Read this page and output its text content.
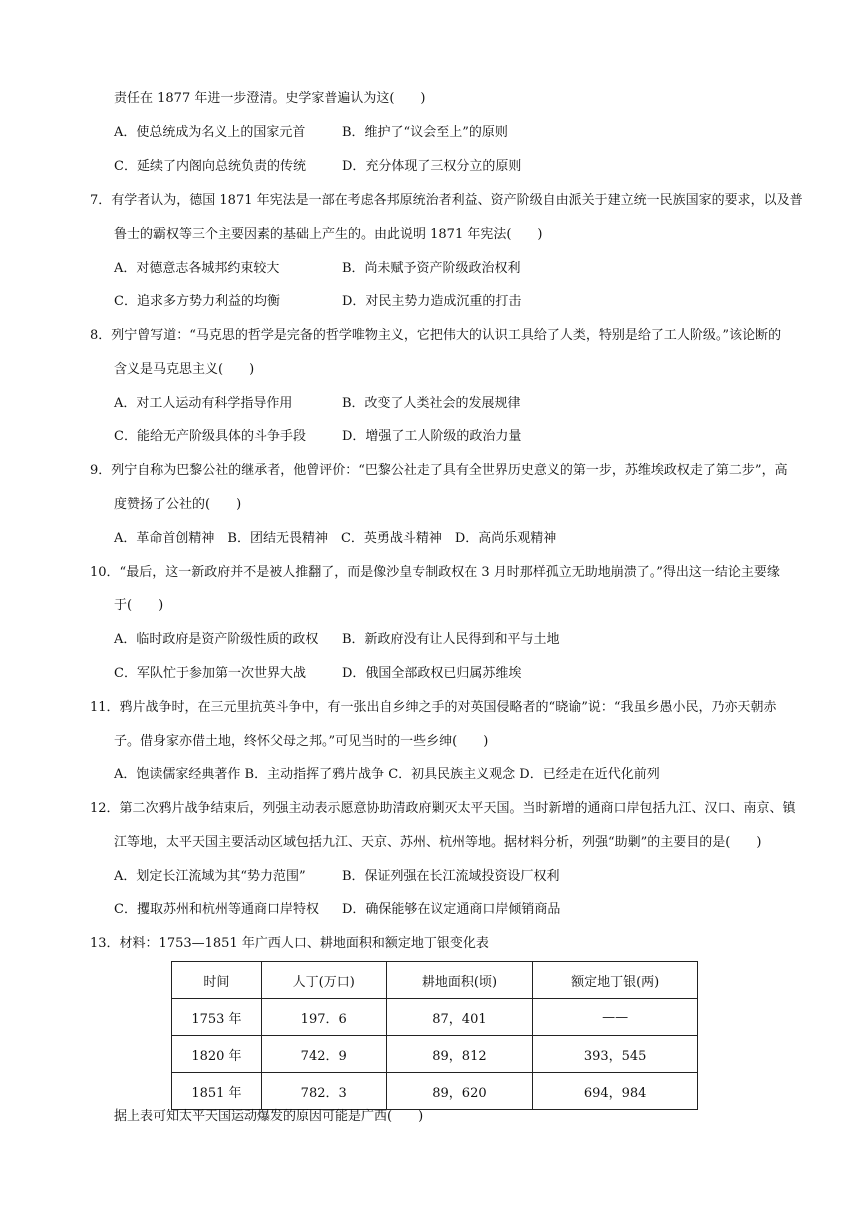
责任在 1877 年进一步澄清。史学家普遍认为这(　　)
A．使总统成为名义上的国家元首	B．维护了“议会至上”的原则
C．延续了内阁向总统负责的传统	D．充分体现了三权分立的原则
7．有学者认为，德国 1871 年宪法是一部在考虑各邦原统治者利益、资产阶级自由派关于建立统一民族国家的要求，以及普
鲁士的霸权等三个主要因素的基础上产生的。由此说明 1871 年宪法(　　)
A．对德意志各城邦约束较大	B．尚未赋予资产阶级政治权利
C．追求多方势力利益的均衡	D．对民主势力造成沉重的打击
8．列宁曾写道：“马克思的哲学是完备的哲学唯物主义，它把伟大的认识工具给了人类，特别是给了工人阶级。”该论断的
含义是马克思主义(　　)
A．对工人运动有科学指导作用	B．改变了人类社会的发展规律
C．能给无产阶级具体的斗争手段	D．增强了工人阶级的政治力量
9．列宁自称为巴黎公社的继承者，他曾评价：“巴黎公社走了具有全世界历史意义的第一步，苏维埃政权走了第二步”，高
度赞扬了公社的(　　)
A．革命首创精神　B．团结无畏精神　C．英勇战斗精神　D．高尚乐观精神
10．“最后，这一新政府并不是被人推翻了，而是像沙皇专制政权在 3 月时那样孤立无助地崩溃了。”得出这一结论主要缘
于(　　)
A．临时政府是资产阶级性质的政权 B．新政府没有让人民得到和平与土地
C．军队忙于参加第一次世界大战	D．俄国全部政权已归属苏维埃
11．鸦片战争时，在三元里抗英斗争中，有一张出自乡绅之手的对英国侵略者的“晓谕”说：“我虽乡愚小民，乃亦天朝赤
子。借身家亦借土地，终怀父母之邦。”可见当时的一些乡绅(　　)
A．饱读儒家经典著作 B．主动指挥了鸦片战争 C．初具民族主义观念 D．已经走在近代化前列
12．第二次鸦片战争结束后，列强主动表示愿意协助清政府剿灭太平天国。当时新增的通商口岸包括九江、汉口、南京、镇
江等地，太平天国主要活动区域包括九江、天京、苏州、杭州等地。据材料分析，列强“助剿”的主要目的是(　　)
A．划定长江流域为其“势力范围”	B．保证列强在长江流域投资设厂权利
C．攫取苏州和杭州等通商口岸特权 D．确保能够在议定通商口岸倾销商品
13．材料：1753—1851 年广西人口、耕地面积和额定地丁银变化表
时间	人丁(万口)	耕地面积(顷)	额定地丁银(两)
1753 年	197．6	87，401	——
1820 年	742．9	89，812	393，545
1851 年	782．3	89，620	694，984
据上表可知太平天国运动爆发的原因可能是广西(　　)
